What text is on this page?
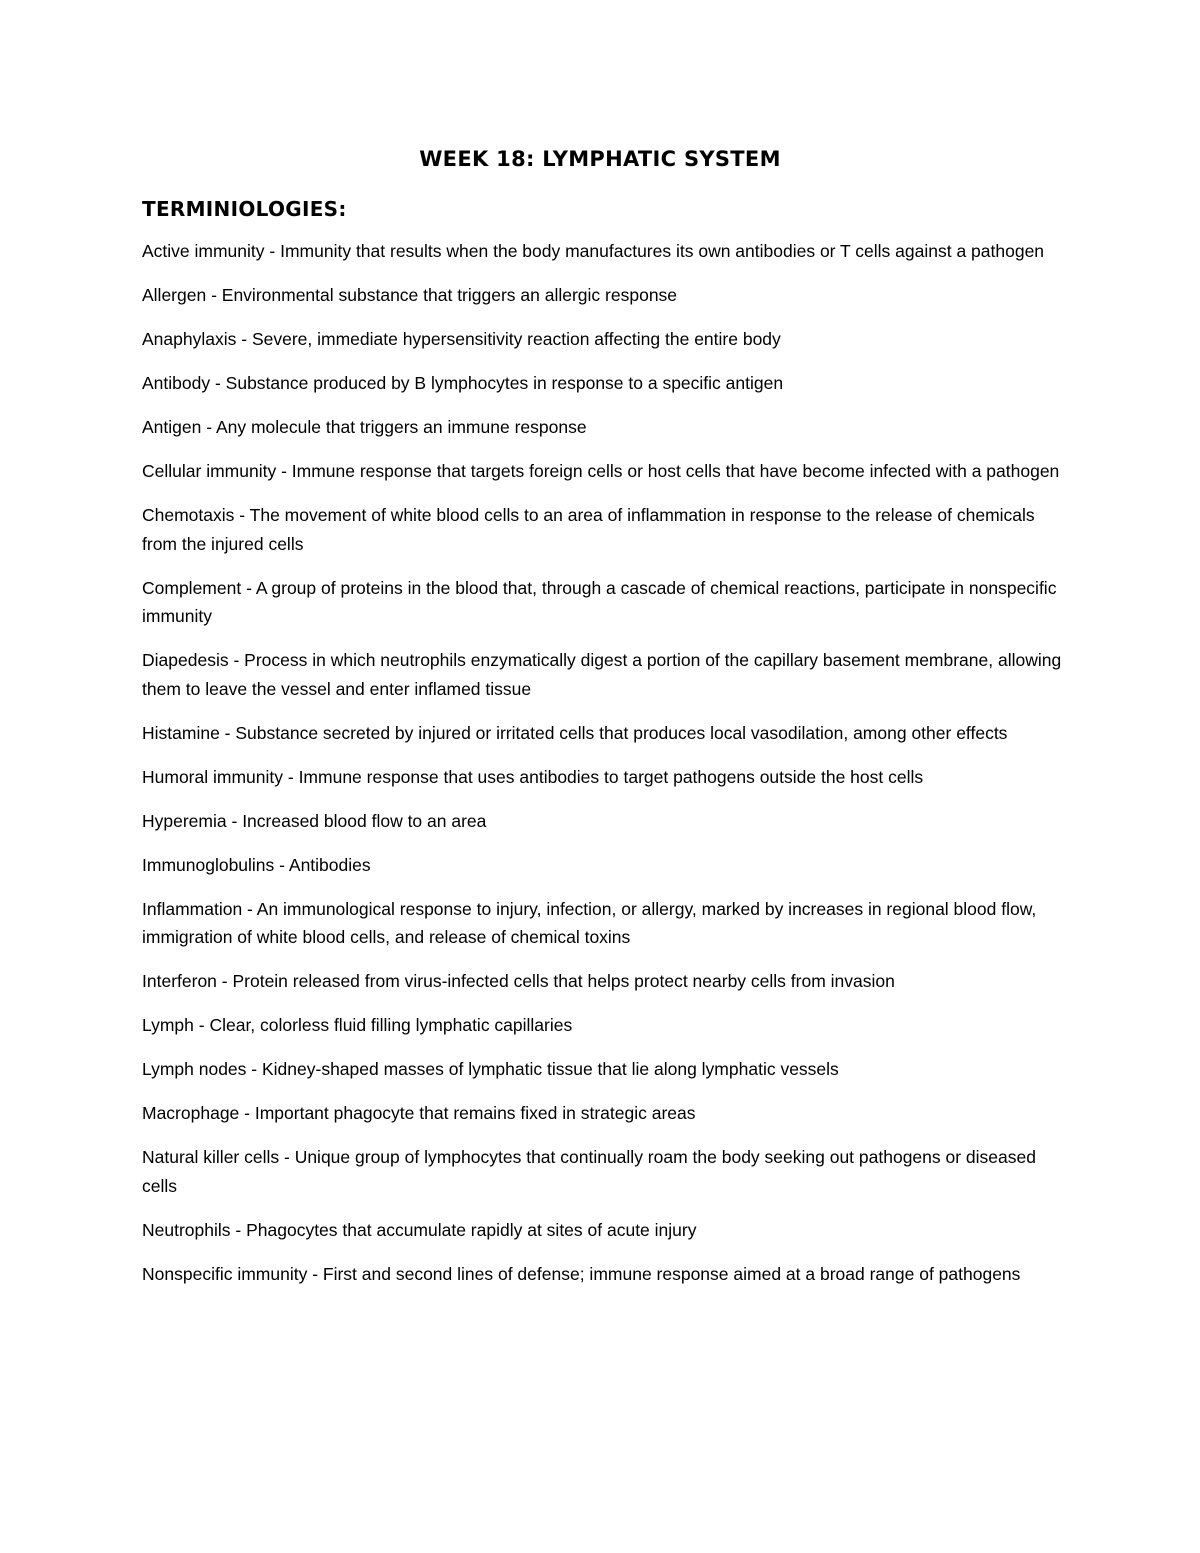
WEEK 18: LYMPHATIC SYSTEM
TERMINIOLOGIES:
Active immunity - Immunity that results when the body manufactures its own antibodies or T cells against a pathogen
Allergen - Environmental substance that triggers an allergic response
Anaphylaxis - Severe, immediate hypersensitivity reaction affecting the entire body
Antibody - Substance produced by B lymphocytes in response to a specific antigen
Antigen - Any molecule that triggers an immune response
Cellular immunity - Immune response that targets foreign cells or host cells that have become infected with a pathogen
Chemotaxis - The movement of white blood cells to an area of inflammation in response to the release of chemicals from the injured cells
Complement - A group of proteins in the blood that, through a cascade of chemical reactions, participate in nonspecific immunity
Diapedesis - Process in which neutrophils enzymatically digest a portion of the capillary basement membrane, allowing them to leave the vessel and enter inflamed tissue
Histamine - Substance secreted by injured or irritated cells that produces local vasodilation, among other effects
Humoral immunity - Immune response that uses antibodies to target pathogens outside the host cells
Hyperemia - Increased blood flow to an area
Immunoglobulins - Antibodies
Inflammation - An immunological response to injury, infection, or allergy, marked by increases in regional blood flow, immigration of white blood cells, and release of chemical toxins
Interferon - Protein released from virus-infected cells that helps protect nearby cells from invasion
Lymph - Clear, colorless fluid filling lymphatic capillaries
Lymph nodes - Kidney-shaped masses of lymphatic tissue that lie along lymphatic vessels
Macrophage - Important phagocyte that remains fixed in strategic areas
Natural killer cells - Unique group of lymphocytes that continually roam the body seeking out pathogens or diseased cells
Neutrophils - Phagocytes that accumulate rapidly at sites of acute injury
Nonspecific immunity - First and second lines of defense; immune response aimed at a broad range of pathogens
